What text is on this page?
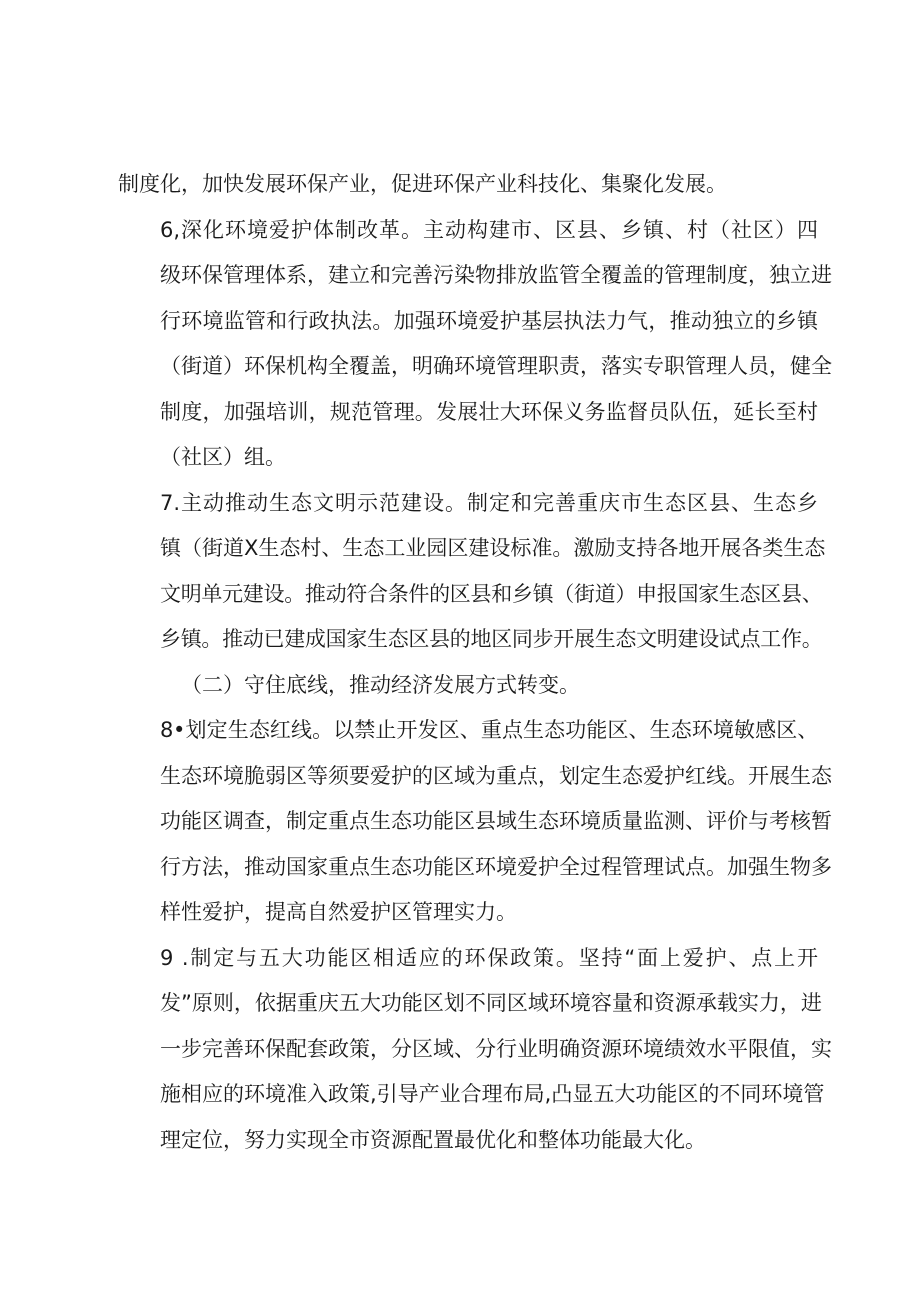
制度化，加快发展环保产业，促进环保产业科技化、集聚化发展。

6,深化环境爱护体制改革。主动构建市、区县、乡镇、村（社区）四
级环保管理体系，建立和完善污染物排放监管全覆盖的管理制度，独立进
行环境监管和行政执法。加强环境爱护基层执法力气，推动独立的乡镇
（街道）环保机构全覆盖，明确环境管理职责，落实专职管理人员，健全
制度，加强培训，规范管理。发展壮大环保义务监督员队伍，延长至村
（社区）组。

7.主动推动生态文明示范建设。制定和完善重庆市生态区县、生态乡
镇（街道X生态村、生态工业园区建设标准。激励支持各地开展各类生态
文明单元建设。推动符合条件的区县和乡镇（街道）申报国家生态区县、
乡镇。推动已建成国家生态区县的地区同步开展生态文明建设试点工作。

（二）守住底线，推动经济发展方式转变。

8•划定生态红线。以禁止开发区、重点生态功能区、生态环境敏感区、
生态环境脆弱区等须要爱护的区域为重点，划定生态爱护红线。开展生态
功能区调查，制定重点生态功能区县域生态环境质量监测、评价与考核暂
行方法，推动国家重点生态功能区环境爱护全过程管理试点。加强生物多
样性爱护，提高自然爱护区管理实力。

9 .制定与五大功能区相适应的环保政策。坚持“面上爱护、点上开
发”原则，依据重庆五大功能区划不同区域环境容量和资源承载实力，进
一步完善环保配套政策，分区域、分行业明确资源环境绩效水平限值，实
施相应的环境准入政策,引导产业合理布局,凸显五大功能区的不同环境管
理定位，努力实现全市资源配置最优化和整体功能最大化。
